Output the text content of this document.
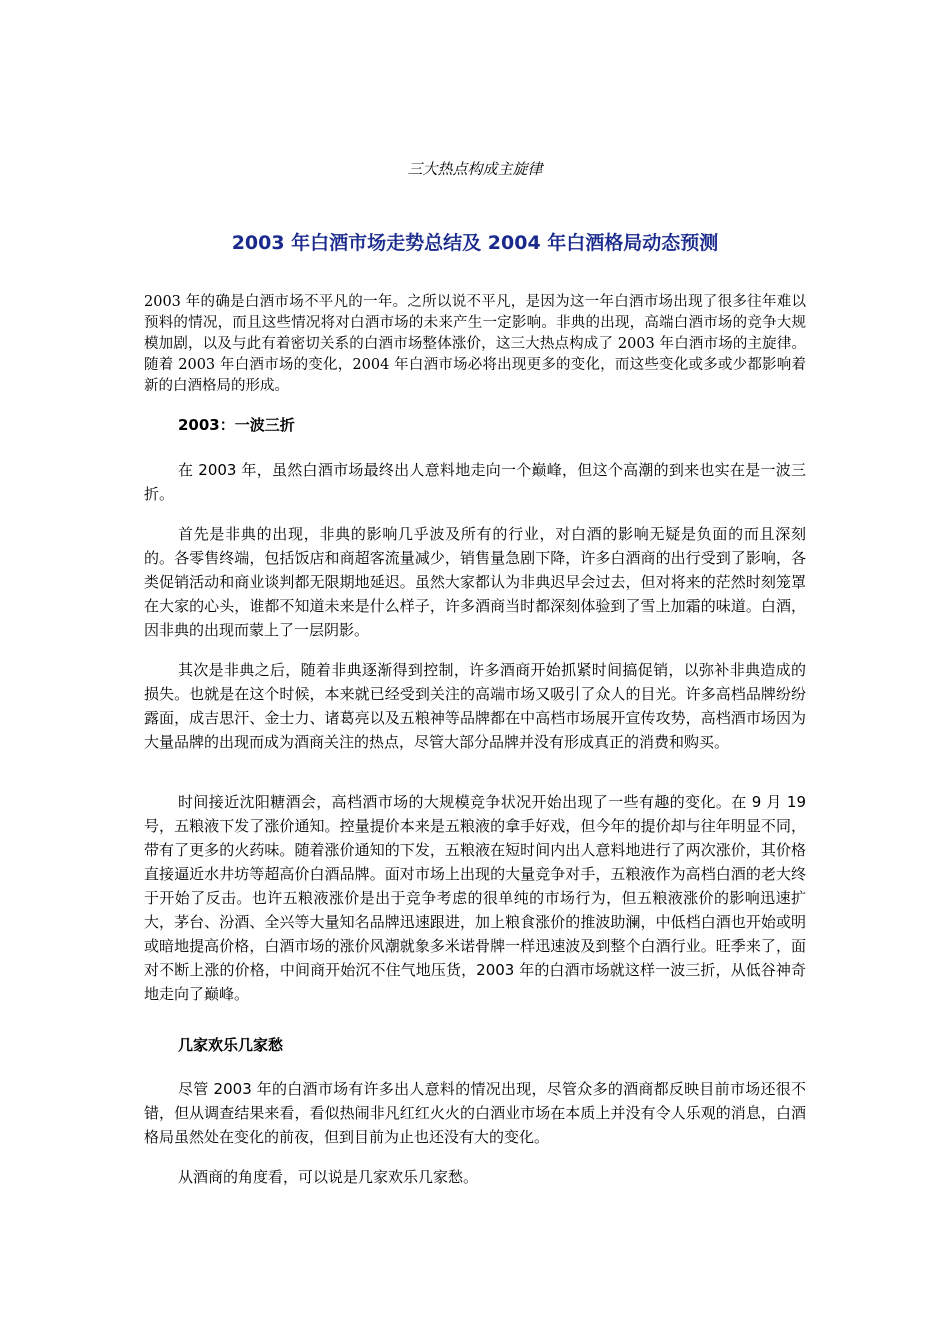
三大热点构成主旋律
2003 年白酒市场走势总结及 2004 年白酒格局动态预测

2003 年的确是白酒市场不平凡的一年。之所以说不平凡，是因为这一年白酒市场出现了很多往年难以预料的情况，而且这些情况将对白酒市场的未来产生一定影响。非典的出现，高端白酒市场的竞争大规模加剧，以及与此有着密切关系的白酒市场整体涨价，这三大热点构成了 2003 年白酒市场的主旋律。随着 2003 年白酒市场的变化，2004 年白酒市场必将出现更多的变化，而这些变化或多或少都影响着新的白酒格局的形成。

2003：一波三折

在 2003 年，虽然白酒市场最终出人意料地走向一个巅峰，但这个高潮的到来也实在是一波三折。

首先是非典的出现，非典的影响几乎波及所有的行业，对白酒的影响无疑是负面的而且深刻的。各零售终端，包括饭店和商超客流量减少，销售量急剧下降，许多白酒商的出行受到了影响，各类促销活动和商业谈判都无限期地延迟。虽然大家都认为非典迟早会过去，但对将来的茫然时刻笼罩在大家的心头，谁都不知道未来是什么样子，许多酒商当时都深刻体验到了雪上加霜的味道。白酒，因非典的出现而蒙上了一层阴影。

其次是非典之后，随着非典逐渐得到控制，许多酒商开始抓紧时间搞促销，以弥补非典造成的损失。也就是在这个时候，本来就已经受到关注的高端市场又吸引了众人的目光。许多高档品牌纷纷露面，成吉思汗、金士力、诸葛亮以及五粮神等品牌都在中高档市场展开宣传攻势，高档酒市场因为大量品牌的出现而成为酒商关注的热点，尽管大部分品牌并没有形成真正的消费和购买。

时间接近沈阳糖酒会，高档酒市场的大规模竞争状况开始出现了一些有趣的变化。在 9 月 19 号，五粮液下发了涨价通知。控量提价本来是五粮液的拿手好戏，但今年的提价却与往年明显不同，带有了更多的火药味。随着涨价通知的下发，五粮液在短时间内出人意料地进行了两次涨价，其价格直接逼近水井坊等超高价白酒品牌。面对市场上出现的大量竞争对手，五粮液作为高档白酒的老大终于开始了反击。也许五粮液涨价是出于竞争考虑的很单纯的市场行为，但五粮液涨价的影响迅速扩大，茅台、汾酒、全兴等大量知名品牌迅速跟进，加上粮食涨价的推波助澜，中低档白酒也开始或明或暗地提高价格，白酒市场的涨价风潮就象多米诺骨牌一样迅速波及到整个白酒行业。旺季来了，面对不断上涨的价格，中间商开始沉不住气地压货，2003 年的白酒市场就这样一波三折，从低谷神奇地走向了巅峰。

几家欢乐几家愁

尽管 2003 年的白酒市场有许多出人意料的情况出现，尽管众多的酒商都反映目前市场还很不错，但从调查结果来看，看似热闹非凡红红火火的白酒业市场在本质上并没有令人乐观的消息，白酒格局虽然处在变化的前夜，但到目前为止也还没有大的变化。

从酒商的角度看，可以说是几家欢乐几家愁。
